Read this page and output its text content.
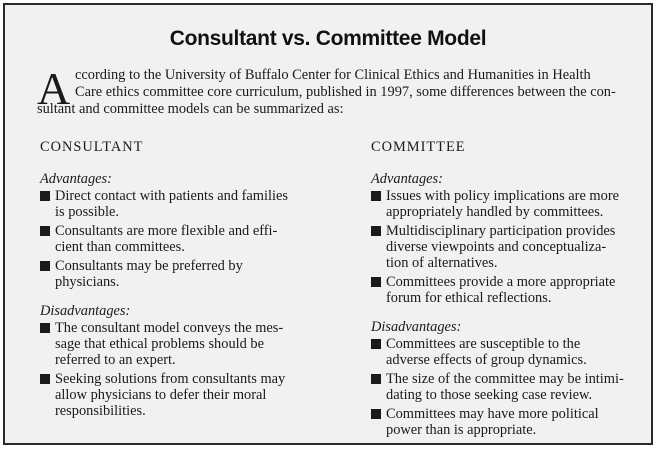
Consultant vs. Committee Model
A ccording to the University of Buffalo Center for Clinical Ethics and Humanities in Health
Care ethics committee core curriculum, published in 1997, some differences between the con-
sultant and committee models can be summarized as:
CONSULTANT
Advantages:
Direct contact with patients and families
is possible.
Consultants are more flexible and effi-
cient than committees.
Consultants may be preferred by
physicians.
Disadvantages:
The consultant model conveys the mes-
sage that ethical problems should be
referred to an expert.
Seeking solutions from consultants may
allow physicians to defer their moral
responsibilities.
COMMITTEE
Advantages:
Issues with policy implications are more
appropriately handled by committees.
Multidisciplinary participation provides
diverse viewpoints and conceptualiza-
tion of alternatives.
Committees provide a more appropriate
forum for ethical reflections.
Disadvantages:
Committees are susceptible to the
adverse effects of group dynamics.
The size of the committee may be intimi-
dating to those seeking case review.
Committees may have more political
power than is appropriate.
